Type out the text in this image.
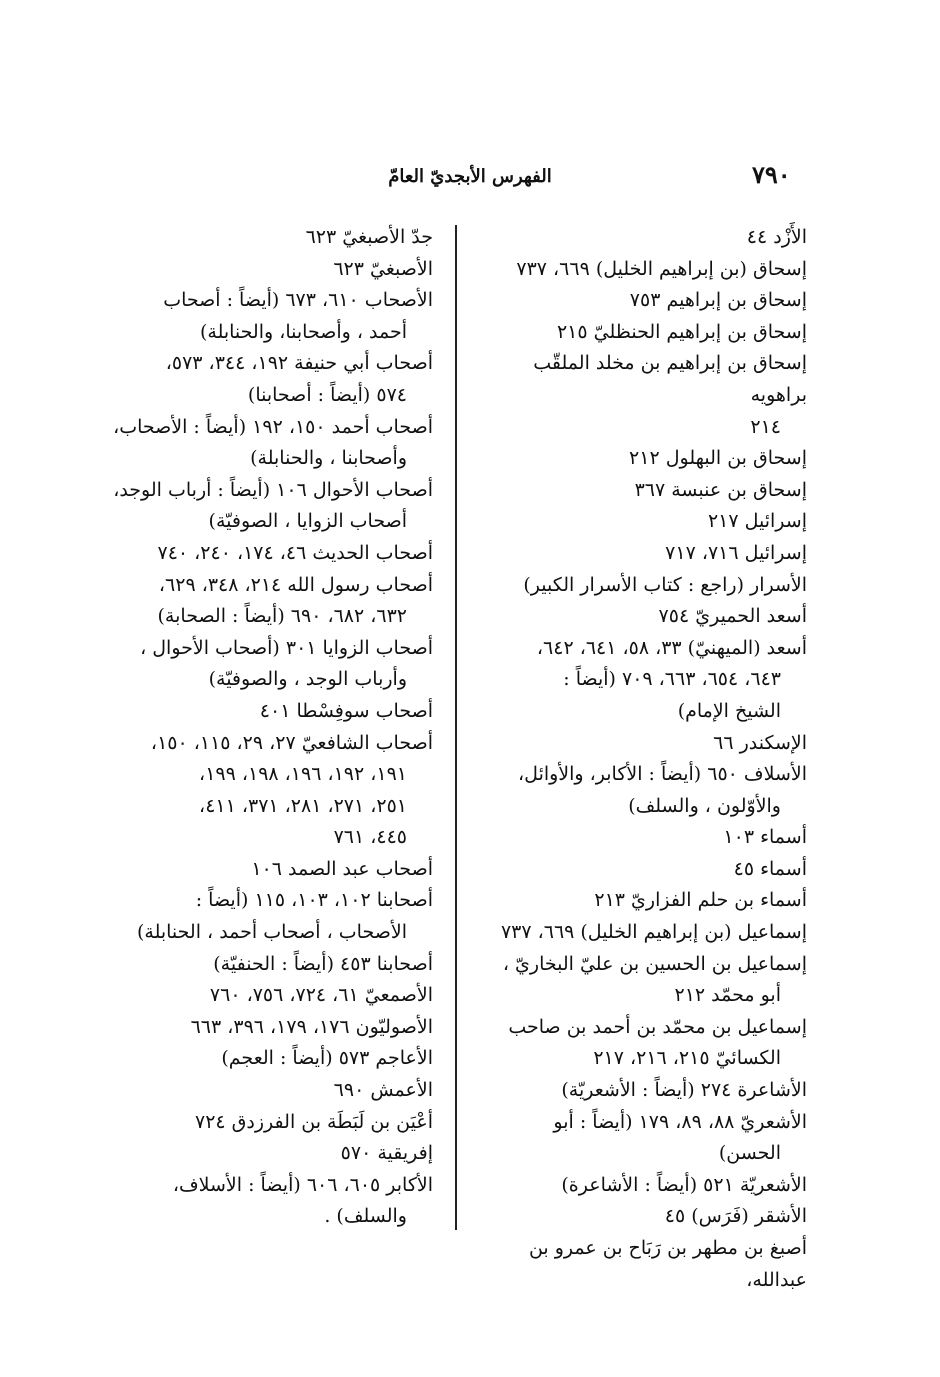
٧٩٠
الفهرس الأبجديّ العامّ
الأَزْد ٤٤
إسحاق (بن إبراهيم الخليل) ٦٦٩، ٧٣٧
إسحاق بن إبراهيم ٧٥٣
إسحاق بن إبراهيم الحنظليّ ٢١٥
إسحاق بن إبراهيم بن مخلد الملقّب براهويه
٢١٤
إسحاق بن البهلول ٢١٢
إسحاق بن عنبسة ٣٦٧
إسرائيل ٢١٧
إسرائيل ٧١٦، ٧١٧
الأسرار (راجع : كتاب الأسرار الكبير)
أسعد الحميريّ ٧٥٤
أسعد (الميهنيّ) ٣٣، ٥٨، ٦٤١، ٦٤٢،
٦٤٣، ٦٥٤، ٦٦٣، ٧٠٩ (أيضاً :
الشيخ الإمام)
الإسكندر ٦٦
الأسلاف ٦٥٠ (أيضاً : الأكابر، والأوائل،
والأوّلون ، والسلف)
أسماء ١٠٣
أسماء ٤٥
أسماء بن حلم الفزاريّ ٢١٣
إسماعيل (بن إبراهيم الخليل) ٦٦٩، ٧٣٧
إسماعيل بن الحسين بن عليّ البخاريّ ،
أبو محمّد ٢١٢
إسماعيل بن محمّد بن أحمد بن صاحب
الكسائيّ ٢١٥، ٢١٦، ٢١٧
الأشاعرة ٢٧٤ (أيضاً : الأشعريّة)
الأشعريّ ٨٨، ٨٩، ١٧٩ (أيضاً : أبو
الحسن)
الأشعريّة ٥٢١ (أيضاً : الأشاعرة)
الأشقر (فَرَس) ٤٥
أصبغ بن مطهر بن رَبَاح بن عمرو بن عبدالله،
جدّ الأصبغيّ ٦٢٣
الأصبغيّ ٦٢٣
الأصحاب ٦١٠، ٦٧٣ (أيضاً : أصحاب
أحمد ، وأصحابنا، والحنابلة)
أصحاب أبي حنيفة ١٩٢، ٣٤٤، ٥٧٣،
٥٧٤ (أيضاً : أصحابنا)
أصحاب أحمد ١٥٠، ١٩٢ (أيضاً : الأصحاب،
وأصحابنا ، والحنابلة)
أصحاب الأحوال ١٠٦ (أيضاً : أرباب الوجد،
أصحاب الزوايا ، الصوفيّة)
أصحاب الحديث ٤٦، ١٧٤، ٢٤٠، ٧٤٠
أصحاب رسول الله ٢١٤، ٣٤٨، ٦٢٩،
٦٣٢، ٦٨٢، ٦٩٠ (أيضاً : الصحابة)
أصحاب الزوايا ٣٠١ (أصحاب الأحوال ،
وأرباب الوجد ، والصوفيّة)
أصحاب سوفِسْطا ٤٠١
أصحاب الشافعيّ ٢٧، ٢٩، ١١٥، ١٥٠،
١٩١، ١٩٢، ١٩٦، ١٩٨، ١٩٩،
٢٥١، ٢٧١، ٢٨١، ٣٧١، ٤١١،
٤٤٥، ٧٦١
أصحاب عبد الصمد ١٠٦
أصحابنا ١٠٢، ١٠٣، ١١٥ (أيضاً :
الأصحاب ، أصحاب أحمد ، الحنابلة)
أصحابنا ٤٥٣ (أيضاً : الحنفيّة)
الأصمعيّ ٦١، ٧٢٤، ٧٥٦، ٧٦٠
الأصوليّون ١٧٦، ١٧٩، ٣٩٦، ٦٦٣
الأعاجم ٥٧٣ (أيضاً : العجم)
الأعمش ٦٩٠
أعْيَن بن لَبَطَة بن الفرزدق ٧٢٤
إفريقية ٥٧٠
الأكابر ٦٠٥، ٦٠٦ (أيضاً : الأسلاف،
والسلف) .
